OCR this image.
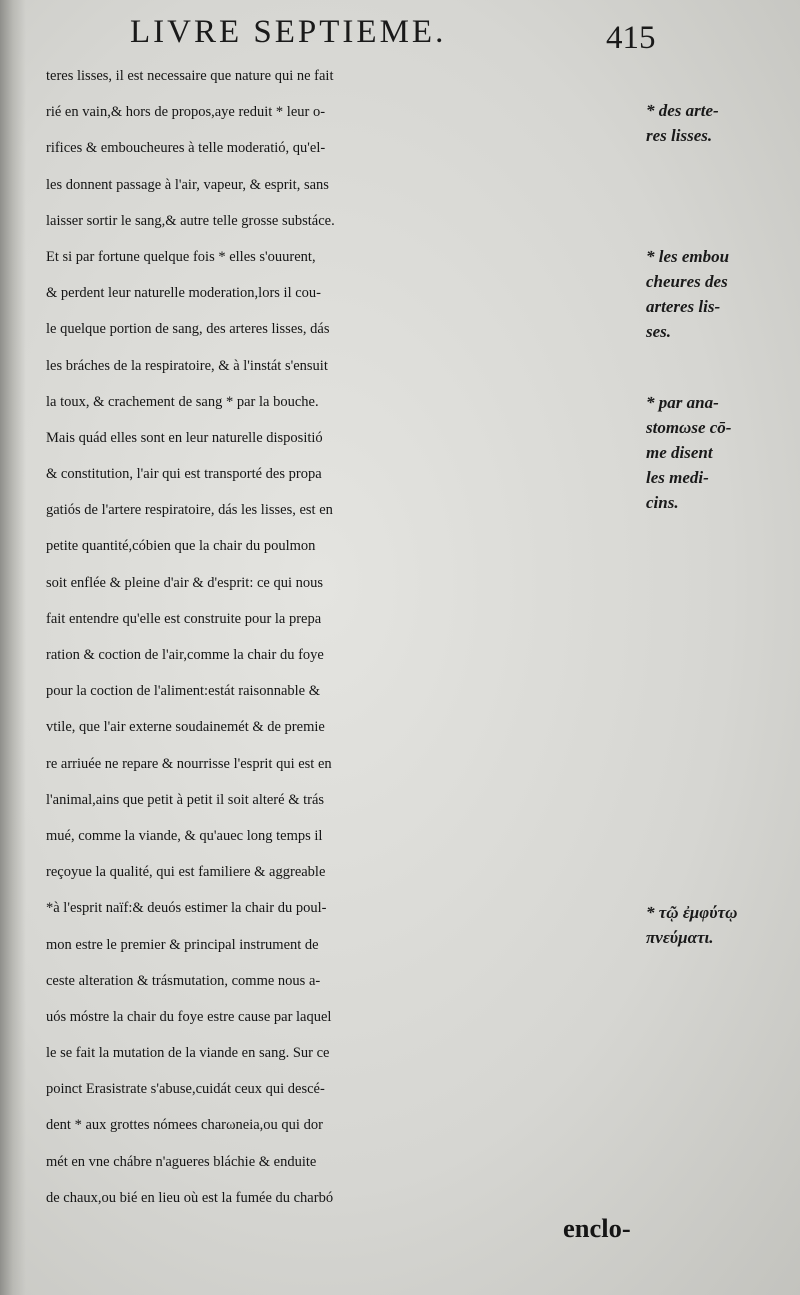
LIVRE SEPTIEME.	415
teres lisses, il est necessaire que nature qui ne fait
rié en vain,& hors de propos,aye reduit * leur o-
rifices & emboucheures à telle moderatió, qu'el-
les donnent passage à l'air, vapeur, & esprit, sans
laisser sortir le sang,& autre telle grosse substáce.
Et si par fortune quelque fois * elles s'ouurent,
& perdent leur naturelle moderation,lors il cou-
le quelque portion de sang, des arteres lisses, dás
les bráches de la respiratoire, & à l'instát s'ensuit
la toux, & crachement de sang * par la bouche.
Mais quád elles sont en leur naturelle dispositió
& constitution, l'air qui est transporté des propa
gatiós de l'artere respiratoire, dás les lisses, est en
petite quantité,cóbien que la chair du poulmon
soit enflée & pleine d'air & d'esprit: ce qui nous
fait entendre qu'elle est construite pour la prepa
ration & coction de l'air,comme la chair du foye
pour la coction de l'aliment:estát raisonnable &
vtile, que l'air externe soudainemét & de premie
re arriuée ne repare & nourrisse l'esprit qui est en
l'animal,ains que petit à petit il soit alteré & trás
mué, comme la viande, & qu'auec long temps il
reçoyue la qualité, qui est familiere & aggreable
*à l'esprit naïf:& deuós estimer la chair du poul-
mon estre le premier & principal instrument de
ceste alteration & trásmutation, comme nous a-
uós móstre la chair du foye estre cause par laquel
le se fait la mutation de la viande en sang. Sur ce
poinct Erasistrate s'abuse,cuidát ceux qui descé-
dent * aux grottes nómees charωneia,ou qui dor
mét en vne chábre n'agueres bláchie & enduite
de chaux,ou bié en lieu où est la fumée du charbó
enclo-
* des arte-
res lisses.
* les embou
cheures des
arteres lis-
ses.
* par ana-
stomωse cō-
me disent
les medi-
cins.
* τῷ ἐμφύτῳ
πνεύματι.
